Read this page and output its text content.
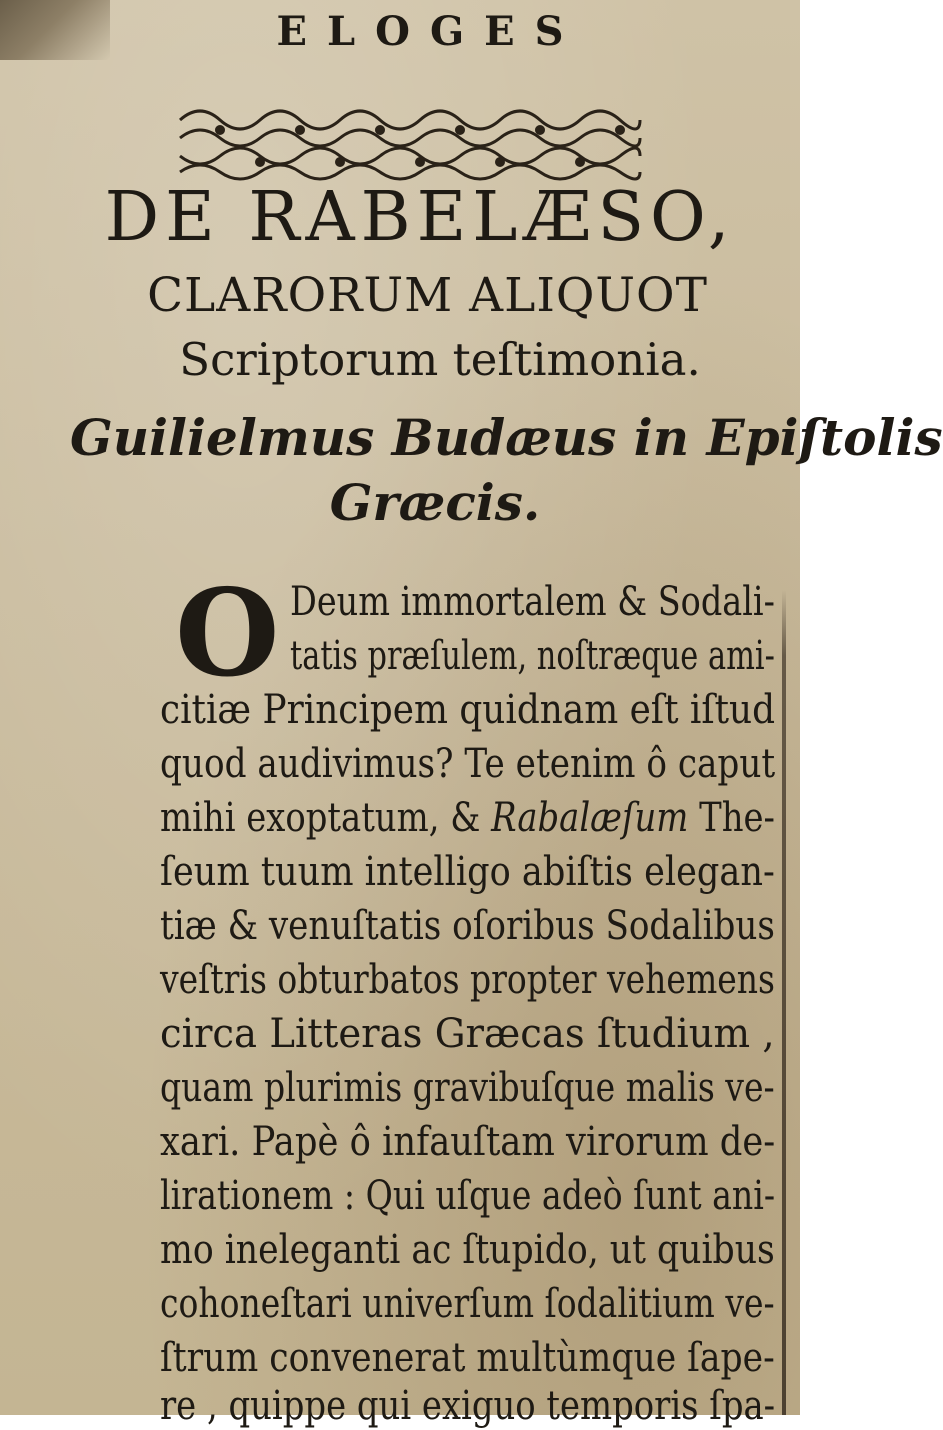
ELOGES
DE RABELÆSO,
CLARORUM ALIQUOT
Scriptorum teſtimonia.
Guilielmus Budæus in Epiſtolis
Græcis.
O Deum immortalem & Sodali-
tatis præſulem, noſtræque ami-
citiæ Principem quidnam eſt iſtud
quod audivimus? Te etenim ô caput
mihi exoptatum, & Rabalæſum The-
ſeum tuum intelligo abiſtis elegan-
tiæ & venuſtatis oſoribus Sodalibus
veſtris obturbatos propter vehemens
circa Litteras Græcas ſtudium ,
quam plurimis gravibuſque malis ve-
xari. Papè ô infauſtam virorum de-
lirationem : Qui uſque adeò ſunt ani-
mo ineleganti ac ſtupido, ut quibus
cohoneſtari univerſum ſodalitium ve-
ſtrum convenerat multùmque ſape-
re , quippe qui exiguo temporis ſpa-
